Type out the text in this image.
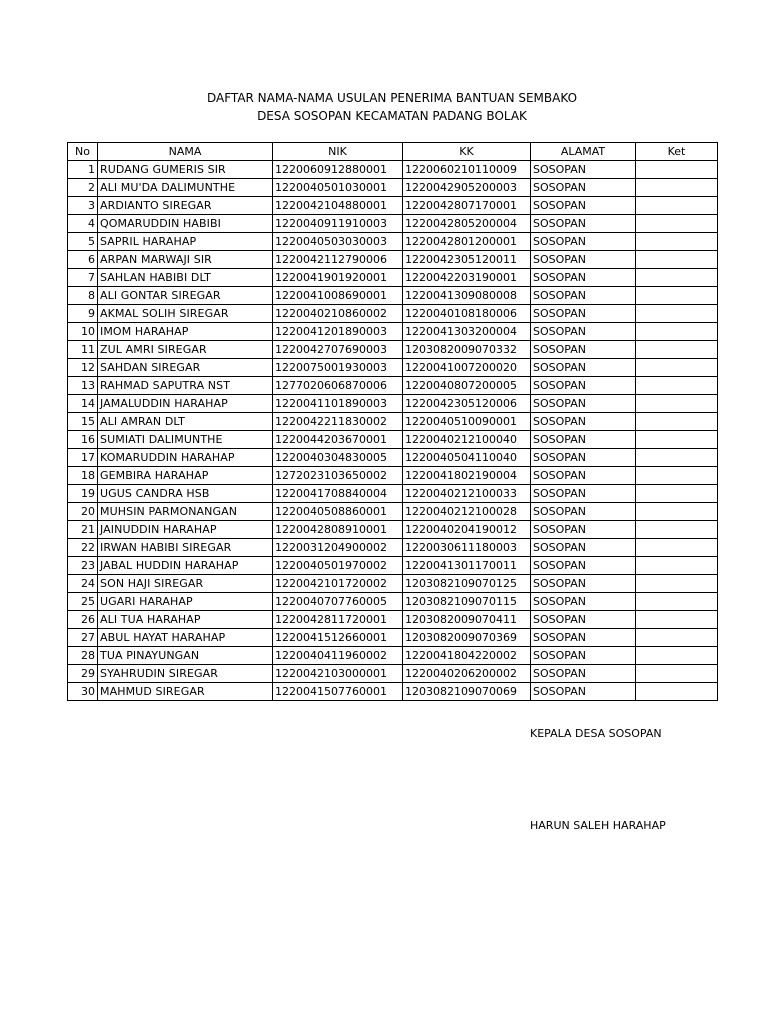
DAFTAR NAMA-NAMA USULAN PENERIMA BANTUAN SEMBAKO
DESA SOSOPAN KECAMATAN PADANG BOLAK
No	NAMA	NIK	KK	ALAMAT	Ket
1	RUDANG GUMERIS SIR	1220060912880001	1220060210110009	SOSOPAN	
2	ALI MU'DA DALIMUNTHE	1220040501030001	1220042905200003	SOSOPAN	
3	ARDIANTO SIREGAR	1220042104880001	1220042807170001	SOSOPAN	
4	QOMARUDDIN HABIBI	1220040911910003	1220042805200004	SOSOPAN	
5	SAPRIL HARAHAP	1220040503030003	1220042801200001	SOSOPAN	
6	ARPAN MARWAJI SIR	1220042112790006	1220042305120011	SOSOPAN	
7	SAHLAN HABIBI DLT	1220041901920001	1220042203190001	SOSOPAN	
8	ALI GONTAR SIREGAR	1220041008690001	1220041309080008	SOSOPAN	
9	AKMAL SOLIH SIREGAR	1220040210860002	1220040108180006	SOSOPAN	
10	IMOM HARAHAP	1220041201890003	1220041303200004	SOSOPAN	
11	ZUL AMRI SIREGAR	1220042707690003	1203082009070332	SOSOPAN	
12	SAHDAN SIREGAR	1220075001930003	1220041007200020	SOSOPAN	
13	RAHMAD SAPUTRA NST	1277020606870006	1220040807200005	SOSOPAN	
14	JAMALUDDIN HARAHAP	1220041101890003	1220042305120006	SOSOPAN	
15	ALI AMRAN DLT	1220042211830002	1220040510090001	SOSOPAN	
16	SUMIATI DALIMUNTHE	1220044203670001	1220040212100040	SOSOPAN	
17	KOMARUDDIN HARAHAP	1220040304830005	1220040504110040	SOSOPAN	
18	GEMBIRA HARAHAP	1272023103650002	1220041802190004	SOSOPAN	
19	UGUS CANDRA HSB	1220041708840004	1220040212100033	SOSOPAN	
20	MUHSIN PARMONANGAN	1220040508860001	1220040212100028	SOSOPAN	
21	JAINUDDIN HARAHAP	1220042808910001	1220040204190012	SOSOPAN	
22	IRWAN HABIBI SIREGAR	1220031204900002	1220030611180003	SOSOPAN	
23	JABAL HUDDIN HARAHAP	1220040501970002	1220041301170011	SOSOPAN	
24	SON HAJI SIREGAR	1220042101720002	1203082109070125	SOSOPAN	
25	UGARI HARAHAP	1220040707760005	1203082109070115	SOSOPAN	
26	ALI TUA HARAHAP	1220042811720001	1203082009070411	SOSOPAN	
27	ABUL HAYAT HARAHAP	1220041512660001	1203082009070369	SOSOPAN	
28	TUA PINAYUNGAN	1220040411960002	1220041804220002	SOSOPAN	
29	SYAHRUDIN SIREGAR	1220042103000001	1220040206200002	SOSOPAN	
30	MAHMUD SIREGAR	1220041507760001	1203082109070069	SOSOPAN	
KEPALA DESA SOSOPAN
HARUN SALEH HARAHAP
